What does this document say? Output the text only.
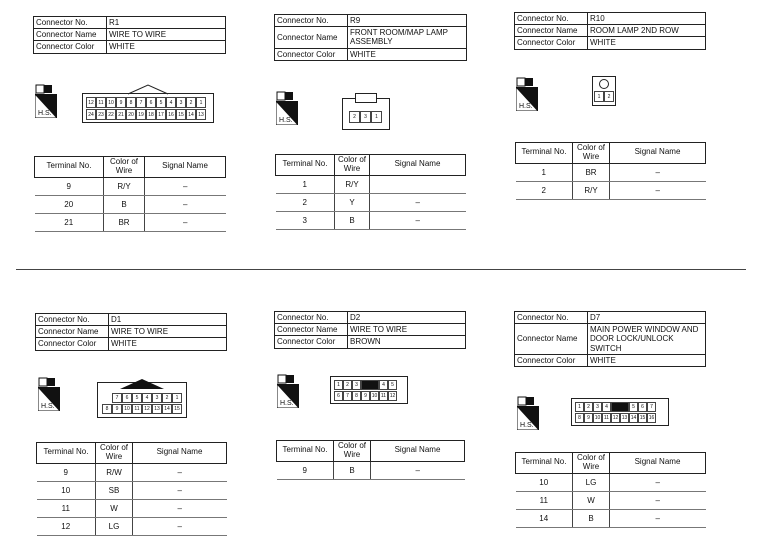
Connector No.	R1
Connector Name	WIRE TO WIRE
Connector Color	WHITE
H.S.
12 11 10	9	8	7	6	5	4	3	2	1
24 23 22 21 20 19 18 17 16 15 14 13
Terminal No.	Color of Wire	Signal Name
9	R/Y	–
20	B	–
21	BR	–
Connector No.	R9
Connector Name	FRONT ROOM/MAP LAMP ASSEMBLY
Connector Color	WHITE
H.S.	2	3	1
Terminal No.	Color of Wire	Signal Name
1	R/Y	
2	Y	–
3	B	–
Connector No.	R10
Connector Name	ROOM LAMP 2ND ROW
Connector Color	WHITE
H.S.
1	2
Terminal No.	Color of Wire	Signal Name
1	BR	–
2	R/Y	–
Connector No.	D1
Connector Name	WIRE TO WIRE
Connector Color	WHITE
H.S.
7	6	5	4	3	2	1
8	9	10 11 12 13 14 15
Terminal No.	Color of Wire	Signal Name
9	R/W	–
10	SB	–
11	W	–
12	LG	–
Connector No.	D2
Connector Name	WIRE TO WIRE
Connector Color	BROWN
H.S.
1	2	3	4	5
6	7	8	9 10 11 12
Terminal No.	Color of Wire	Signal Name
9	B	–
Connector No.	D7
Connector Name	MAIN POWER WINDOW AND DOOR LOCK/UNLOCK SWITCH
Connector Color	WHITE
H.S.
1	2	3	4	5	6	7
8	9 10 11 12 13 14 15 16
Terminal No.	Color of Wire	Signal Name
10	LG	–
11	W	–
14	B	–
